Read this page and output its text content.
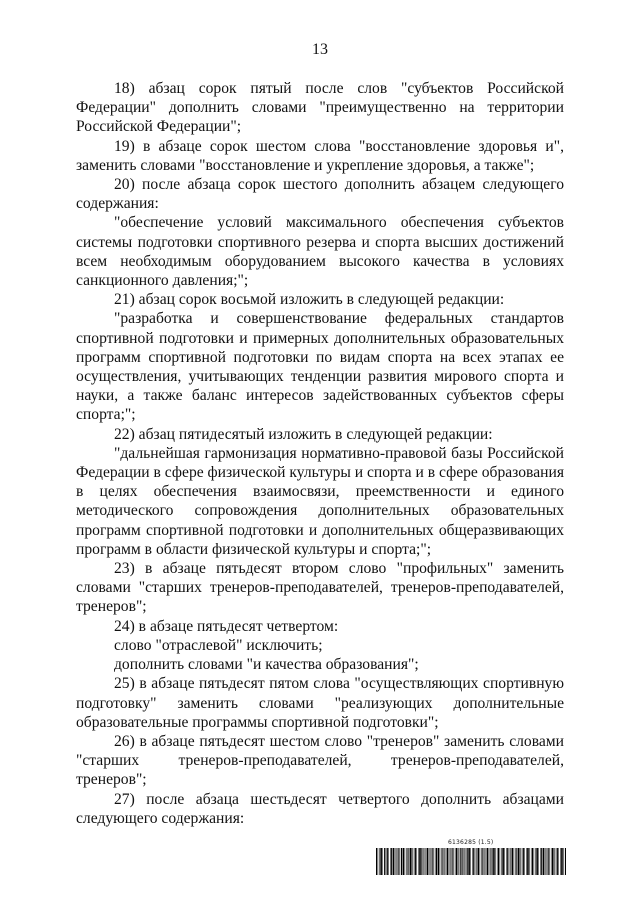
13

18) абзац сорок пятый после слов "субъектов Российской Федерации" дополнить словами "преимущественно на территории Российской Федерации";

19) в абзаце сорок шестом слова "восстановление здоровья и", заменить словами "восстановление и укрепление здоровья, а также";

20) после абзаца сорок шестого дополнить абзацем следующего содержания:

"обеспечение условий максимального обеспечения субъектов системы подготовки спортивного резерва и спорта высших достижений всем необходимым оборудованием высокого качества в условиях санкционного давления;";

21) абзац сорок восьмой изложить в следующей редакции:

"разработка и совершенствование федеральных стандартов спортивной подготовки и примерных дополнительных образовательных программ спортивной подготовки по видам спорта на всех этапах ее осуществления, учитывающих тенденции развития мирового спорта и науки, а также баланс интересов задействованных субъектов сферы спорта;";

22) абзац пятидесятый изложить в следующей редакции:

"дальнейшая гармонизация нормативно-правовой базы Российской Федерации в сфере физической культуры и спорта и в сфере образования в целях обеспечения взаимосвязи, преемственности и единого методического сопровождения дополнительных образовательных программ спортивной подготовки и дополнительных общеразвивающих программ в области физической культуры и спорта;";

23) в абзаце пятьдесят втором слово "профильных" заменить словами "старших тренеров-преподавателей, тренеров-преподавателей, тренеров";

24) в абзаце пятьдесят четвертом:

слово "отраслевой" исключить;

дополнить словами "и качества образования";

25) в абзаце пятьдесят пятом слова "осуществляющих спортивную подготовку" заменить словами "реализующих дополнительные образовательные программы спортивной подготовки";

26) в абзаце пятьдесят шестом слово "тренеров" заменить словами "старших тренеров-преподавателей, тренеров-преподавателей, тренеров";

27) после абзаца шестьдесят четвертого дополнить абзацами следующего содержания:

6136285 (1.5)
